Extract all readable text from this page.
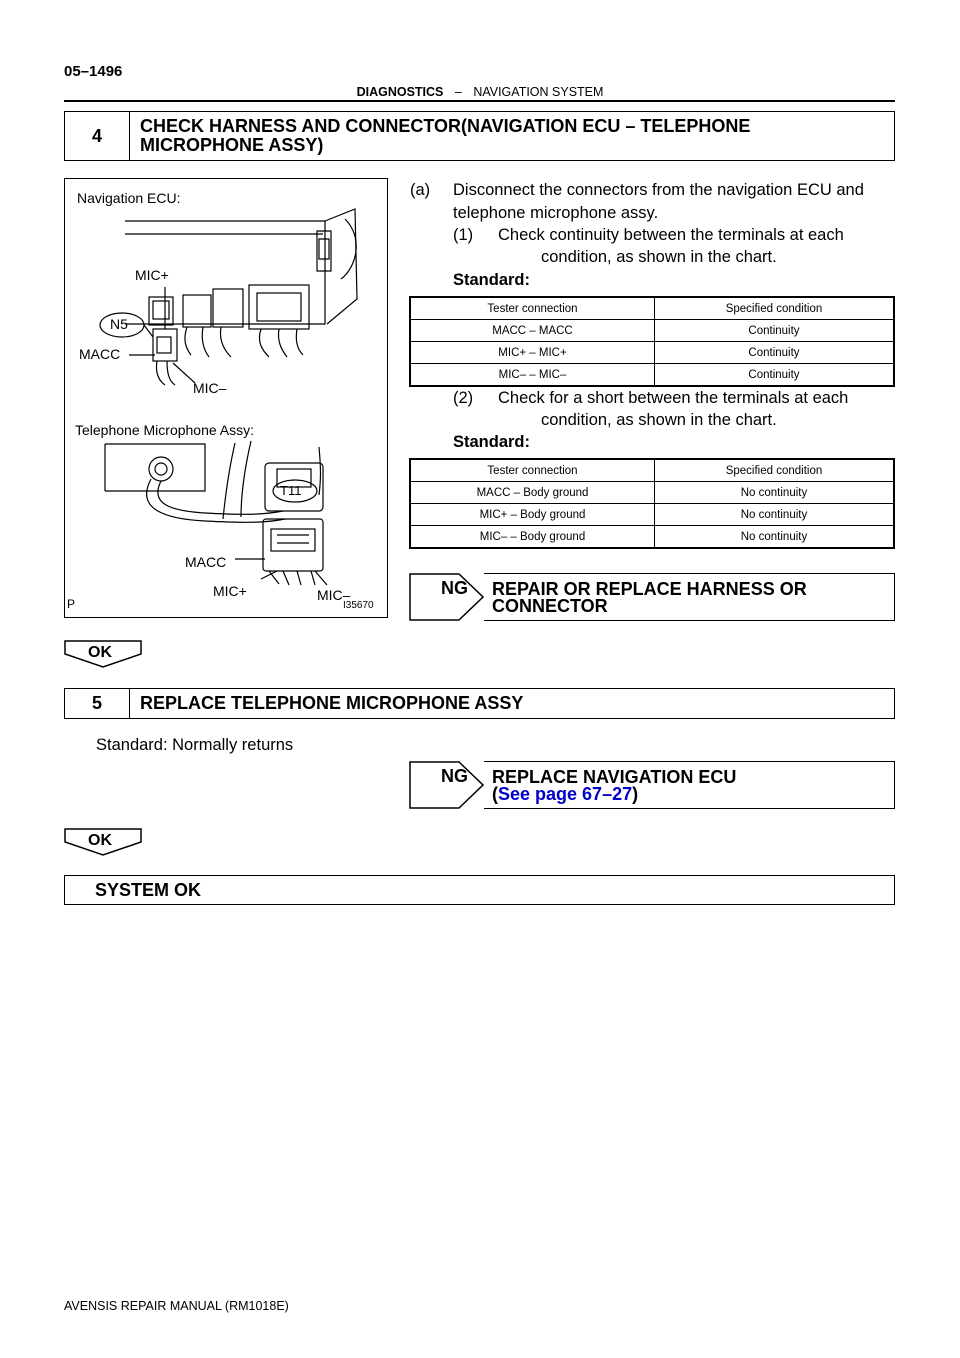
05–1496
DIAGNOSTICS – NAVIGATION SYSTEM
4	CHECK HARNESS AND CONNECTOR(NAVIGATION ECU – TELEPHONE
MICROPHONE ASSY)
Navigation ECU:
MIC+
N5
MACC
MIC–
Telephone Microphone Assy:
T11
MACC
MIC+	MIC–
P	I35670
(a) Disconnect the connectors from the navigation ECU and
telephone microphone assy.
(1) Check continuity between the terminals at each
condition, as shown in the chart.
Standard:
Tester connection	Specified condition
MACC – MACC	Continuity
MIC+ – MIC+	Continuity
MIC– – MIC–	Continuity
(2) Check for a short between the terminals at each
condition, as shown in the chart.
Standard:
Tester connection	Specified condition
MACC – Body ground	No continuity
MIC+ – Body ground	No continuity
MIC– – Body ground	No continuity
NG REPAIR OR REPLACE HARNESS OR
CONNECTOR
OK
5	REPLACE TELEPHONE MICROPHONE ASSY
Standard: Normally returns
NG REPLACE NAVIGATION ECU
(See page 67–27)
OK
SYSTEM OK
AVENSIS REPAIR MANUAL (RM1018E)
